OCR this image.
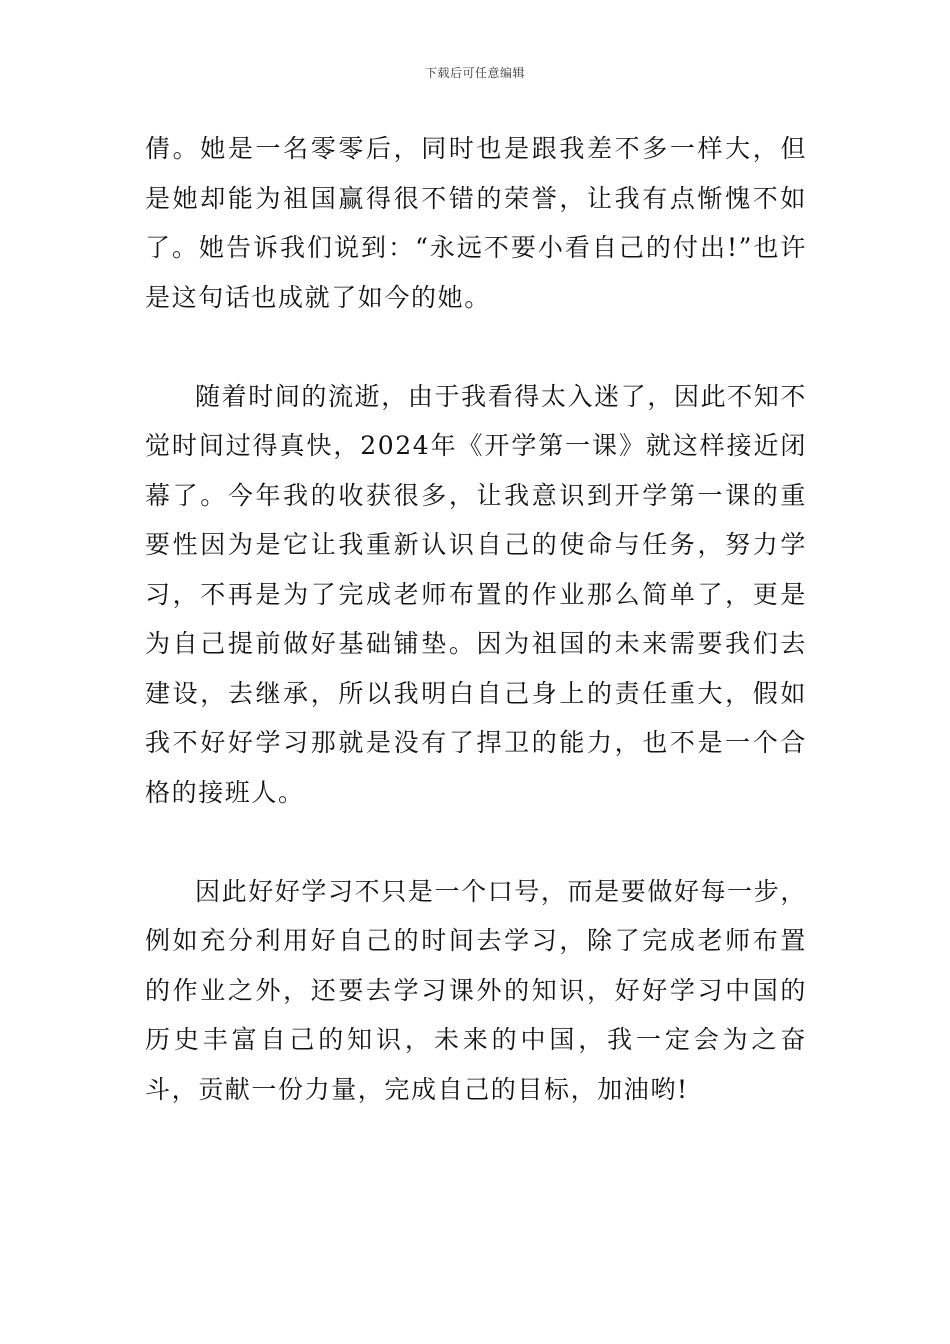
下载后可任意编辑

倩。她是一名零零后，同时也是跟我差不多一样大，但是她却能为祖国赢得很不错的荣誉，让我有点惭愧不如了。她告诉我们说到：“永远不要小看自己的付出!”也许是这句话也成就了如今的她。

随着时间的流逝，由于我看得太入迷了，因此不知不觉时间过得真快，2024年《开学第一课》就这样接近闭幕了。今年我的收获很多，让我意识到开学第一课的重要性因为是它让我重新认识自己的使命与任务，努力学习，不再是为了完成老师布置的作业那么简单了，更是为自己提前做好基础铺垫。因为祖国的未来需要我们去建设，去继承，所以我明白自己身上的责任重大，假如我不好好学习那就是没有了捍卫的能力，也不是一个合格的接班人。

因此好好学习不只是一个口号，而是要做好每一步，例如充分利用好自己的时间去学习，除了完成老师布置的作业之外，还要去学习课外的知识，好好学习中国的历史丰富自己的知识，未来的中国，我一定会为之奋斗，贡献一份力量，完成自己的目标，加油哟!
